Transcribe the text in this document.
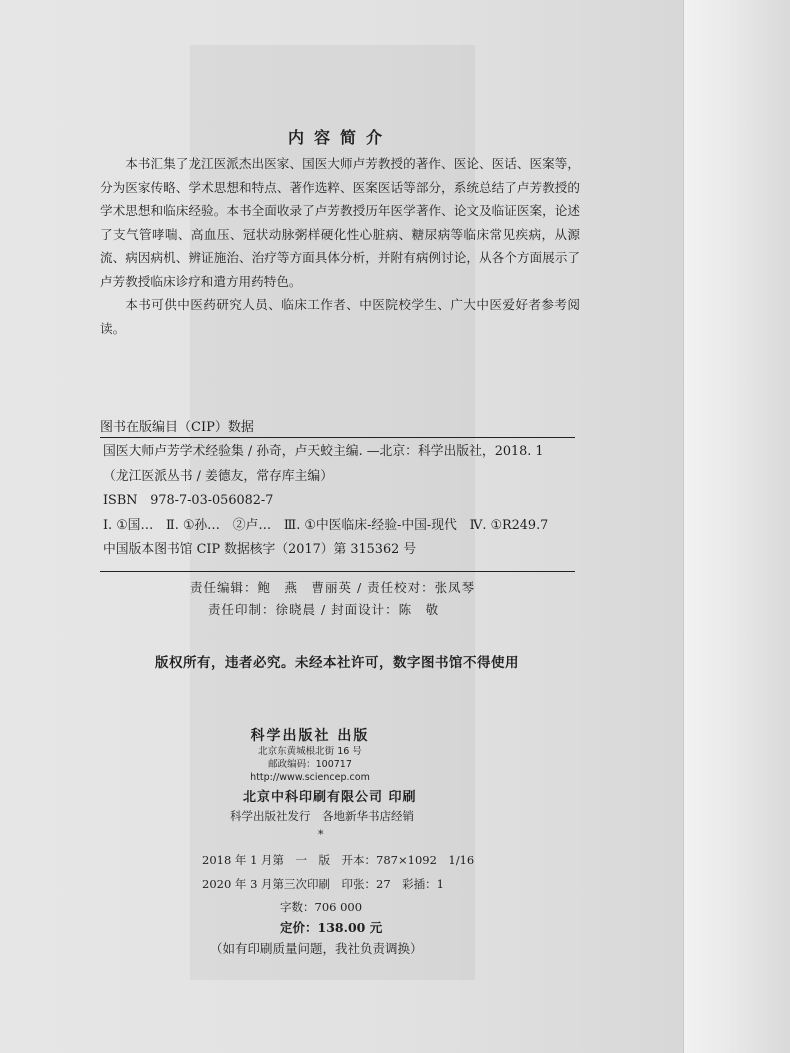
内容简介

本书汇集了龙江医派杰出医家、国医大师卢芳教授的著作、医论、医话、医案等，分为医家传略、学术思想和特点、著作选粹、医案医话等部分，系统总结了卢芳教授的学术思想和临床经验。本书全面收录了卢芳教授历年医学著作、论文及临证医案，论述了支气管哮喘、高血压、冠状动脉粥样硬化性心脏病、糖尿病等临床常见疾病，从源流、病因病机、辨证施治、治疗等方面具体分析，并附有病例讨论，从各个方面展示了卢芳教授临床诊疗和遣方用药特色。

本书可供中医药研究人员、临床工作者、中医院校学生、广大中医爱好者参考阅读。

图书在版编目（CIP）数据
国医大师卢芳学术经验集 / 孙奇，卢天蛟主编. —北京：科学出版社，2018. 1
（龙江医派丛书 / 姜德友，常存库主编）
ISBN　978-7-03-056082-7
Ⅰ. ①国…　Ⅱ. ①孙…　②卢…　Ⅲ. ①中医临床-经验-中国-现代　Ⅳ. ①R249.7
中国版本图书馆 CIP 数据核字（2017）第 315362 号
责任编辑：鲍　燕　曹丽英 / 责任校对：张凤琴
责任印制：徐晓晨 / 封面设计：陈　敬
版权所有，违者必究。未经本社许可，数字图书馆不得使用
科学出版社 出版
北京东黄城根北街 16 号
邮政编码：100717
http://www.sciencep.com
北京中科印刷有限公司 印刷
科学出版社发行　各地新华书店经销
*
2018 年 1 月第　一　版　开本：787×1092　1/16
2020 年 3 月第三次印刷　印张：27　彩插：1
字数：706 000
定价：138.00 元
（如有印刷质量问题，我社负责调换）
